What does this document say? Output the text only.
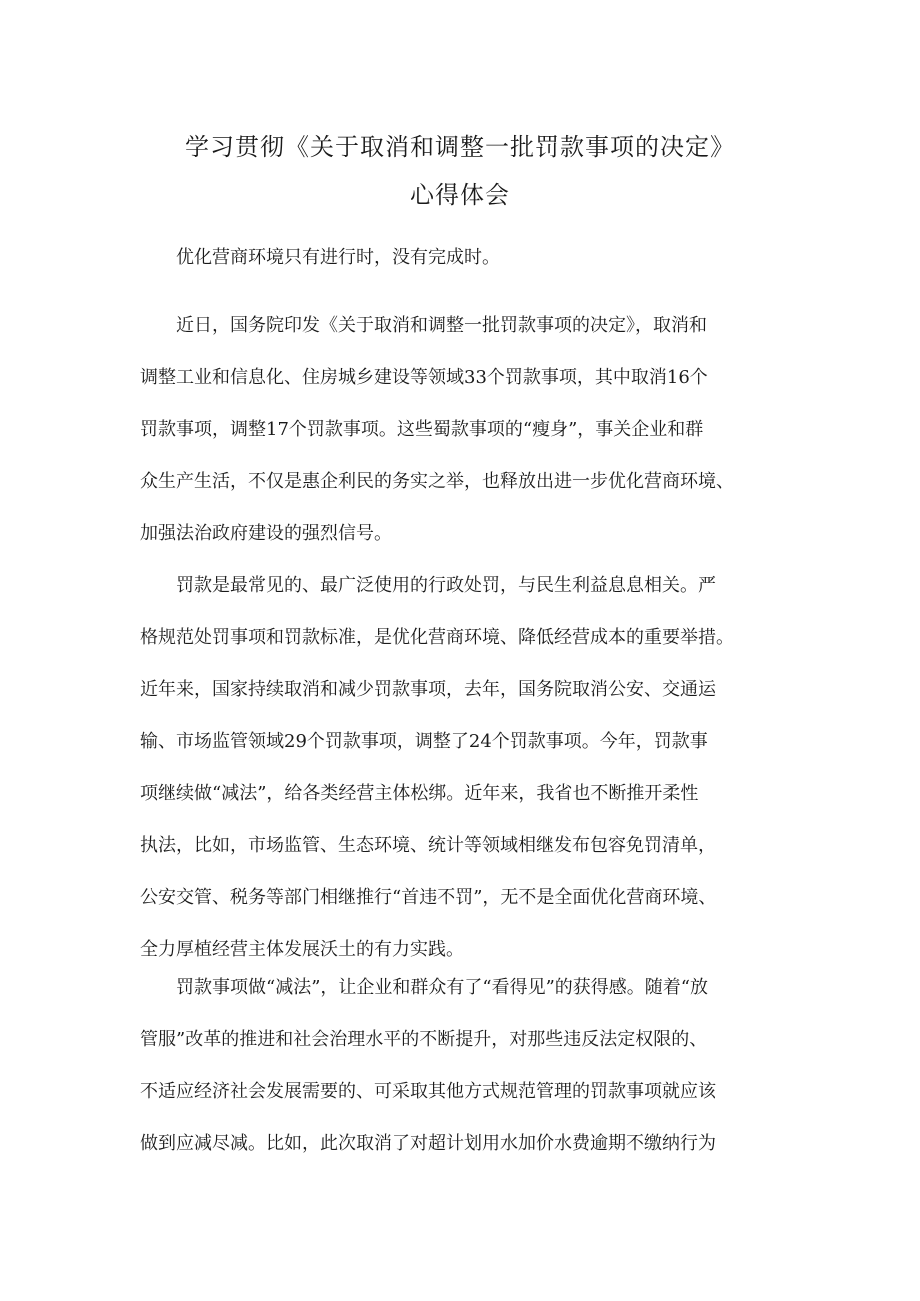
学习贯彻《关于取消和调整一批罚款事项的决定》
心得体会
　　优化营商环境只有进行时，没有完成时。
　　近日，国务院印发《关于取消和调整一批罚款事项的决定》，取消和
调整工业和信息化、住房城乡建设等领域33个罚款事项，其中取消16个
罚款事项，调整17个罚款事项。这些蜀款事项的“瘦身”，事关企业和群
众生产生活，不仅是惠企利民的务实之举，也释放出进一步优化营商环境、
加强法治政府建设的强烈信号。
　　罚款是最常见的、最广泛使用的行政处罚，与民生利益息息相关。严
格规范处罚事项和罚款标准，是优化营商环境、降低经营成本的重要举措。
近年来，国家持续取消和减少罚款事项，去年，国务院取消公安、交通运
输、市场监管领域29个罚款事项，调整了24个罚款事项。今年，罚款事
项继续做“减法”，给各类经营主体松绑。近年来，我省也不断推开柔性
执法，比如，市场监管、生态环境、统计等领域相继发布包容免罚清单，
公安交管、税务等部门相继推行“首违不罚”，无不是全面优化营商环境、
全力厚植经营主体发展沃土的有力实践。
　　罚款事项做“减法”，让企业和群众有了“看得见”的获得感。随着“放
管服”改革的推进和社会治理水平的不断提升，对那些违反法定权限的、
不适应经济社会发展需要的、可采取其他方式规范管理的罚款事项就应该
做到应减尽减。比如，此次取消了对超计划用水加价水费逾期不缴纳行为
